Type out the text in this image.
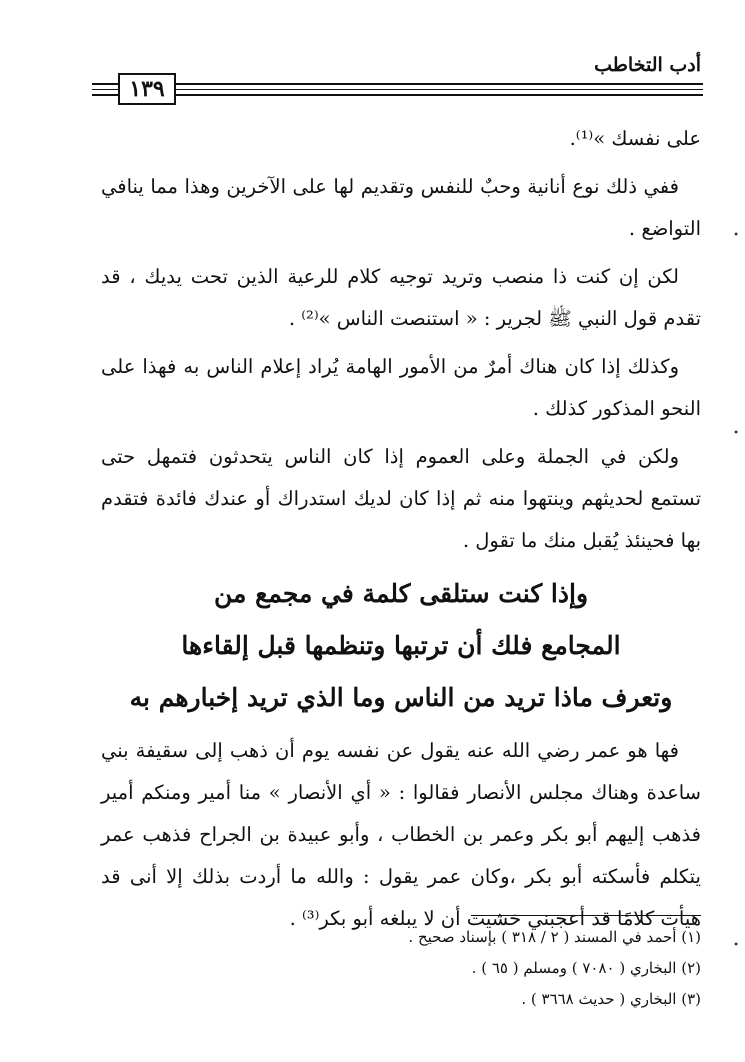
أدب التخاطب
١٣٩

على نفسك »⁽¹⁾.

ففي ذلك نوع أنانية وحبٌ للنفس وتقديم لها على الآخرين وهذا مما ينافي التواضع .

لكن إن كنت ذا منصب وتريد توجيه كلام للرعية الذين تحت يديك ، قد تقدم قول النبي ﷺ لجرير : « استنصت الناس »⁽²⁾ .

وكذلك إذا كان هناك أمرٌ من الأمور الهامة يُراد إعلام الناس به فهذا على النحو المذكور كذلك .

ولكن في الجملة وعلى العموم إذا كان الناس يتحدثون فتمهل حتى تستمع لحديثهم وينتهوا منه ثم إذا كان لديك استدراك أو عندك فائدة فتقدم بها فحينئذ يُقبل منك ما تقول .

وإذا كنت ستلقى كلمة في مجمع من
المجامع فلك أن ترتبها وتنظمها قبل إلقاءها
وتعرف ماذا تريد من الناس وما الذي تريد إخبارهم به

فها هو عمر رضي الله عنه يقول عن نفسه يوم أن ذهب إلى سقيفة بني ساعدة وهناك مجلس الأنصار فقالوا : « أي الأنصار » منا أمير ومنكم أمير فذهب إليهم أبو بكر وعمر بن الخطاب ، وأبو عبيدة بن الجراح فذهب عمر يتكلم فأسكته أبو بكر ،وكان عمر يقول : والله ما أردت بذلك إلا أنى قد هيأت كلامًا قد أعجبني خشيت أن لا يبلغه أبو بكر⁽³⁾ .

(١) أحمد في المسند ( ٢ / ٣١٨ ) بإسناد صحيح .

(٢) البخاري ( ٧٠٨٠ ) ومسلم ( ٦٥ ) .

(٣) البخاري ( حديث ٣٦٦٨ ) .

•
•
•
